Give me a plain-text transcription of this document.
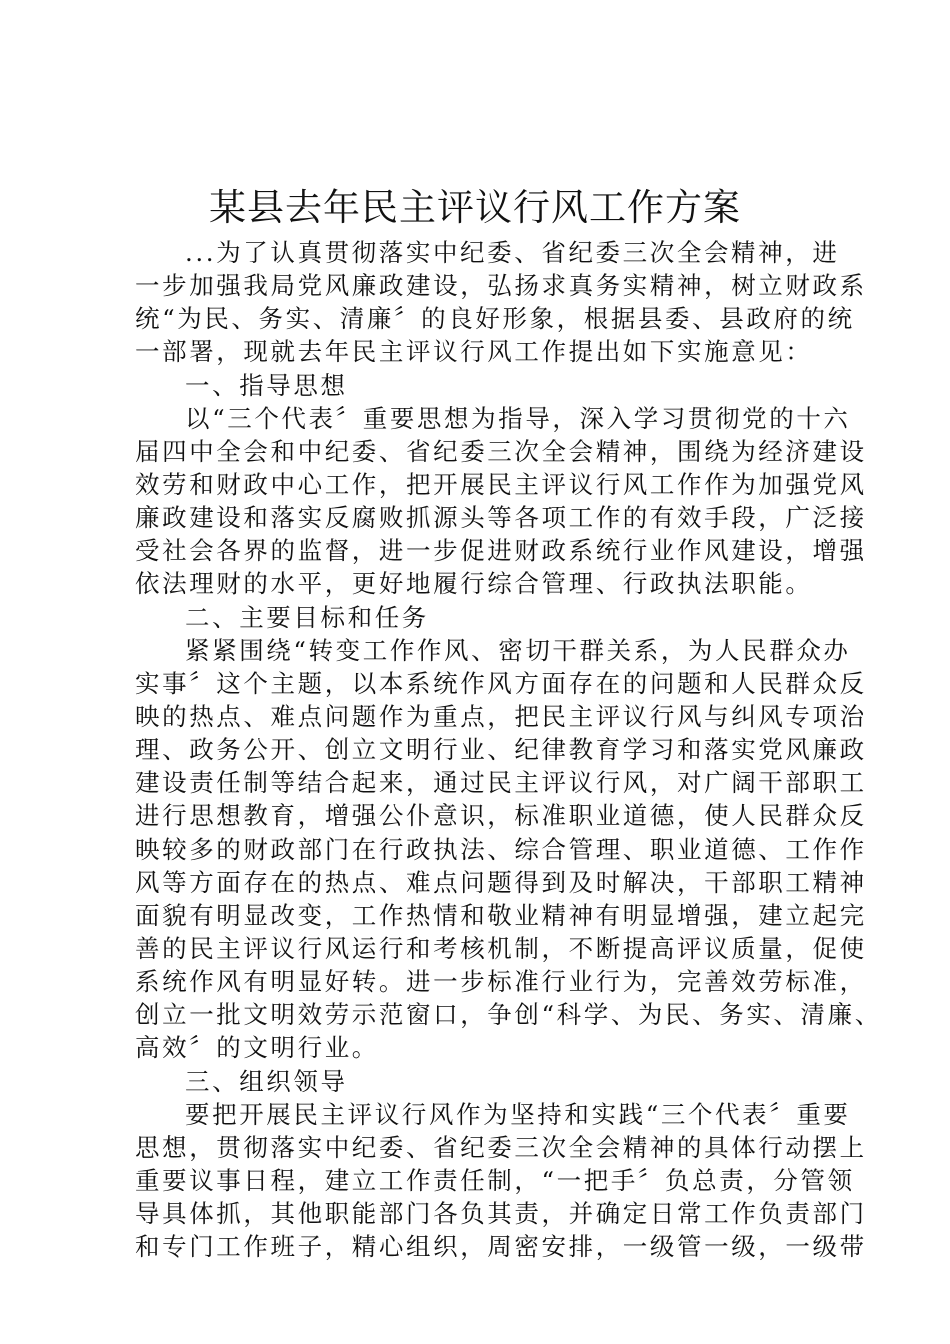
某县去年民主评议行风工作方案
...为了认真贯彻落实中纪委、省纪委三次全会精神，进
一步加强我局党风廉政建设，弘扬求真务实精神，树立财政系
统“为民、务实、清廉〞的良好形象，根据县委、县政府的统
一部署，现就去年民主评议行风工作提出如下实施意见：
一、指导思想
以“三个代表〞重要思想为指导，深入学习贯彻党的十六
届四中全会和中纪委、省纪委三次全会精神，围绕为经济建设
效劳和财政中心工作，把开展民主评议行风工作作为加强党风
廉政建设和落实反腐败抓源头等各项工作的有效手段，广泛接
受社会各界的监督，进一步促进财政系统行业作风建设，增强
依法理财的水平，更好地履行综合管理、行政执法职能。
二、主要目标和任务
紧紧围绕“转变工作作风、密切干群关系，为人民群众办
实事〞这个主题，以本系统作风方面存在的问题和人民群众反
映的热点、难点问题作为重点，把民主评议行风与纠风专项治
理、政务公开、创立文明行业、纪律教育学习和落实党风廉政
建设责任制等结合起来，通过民主评议行风，对广阔干部职工
进行思想教育，增强公仆意识，标准职业道德，使人民群众反
映较多的财政部门在行政执法、综合管理、职业道德、工作作
风等方面存在的热点、难点问题得到及时解决，干部职工精神
面貌有明显改变，工作热情和敬业精神有明显增强，建立起完
善的民主评议行风运行和考核机制，不断提高评议质量，促使
系统作风有明显好转。进一步标准行业行为，完善效劳标准，
创立一批文明效劳示范窗口，争创“科学、为民、务实、清廉、
高效〞的文明行业。
三、组织领导
要把开展民主评议行风作为坚持和实践“三个代表〞重要
思想，贯彻落实中纪委、省纪委三次全会精神的具体行动摆上
重要议事日程，建立工作责任制，“一把手〞负总责，分管领
导具体抓，其他职能部门各负其责，并确定日常工作负责部门
和专门工作班子，精心组织，周密安排，一级管一级，一级带
